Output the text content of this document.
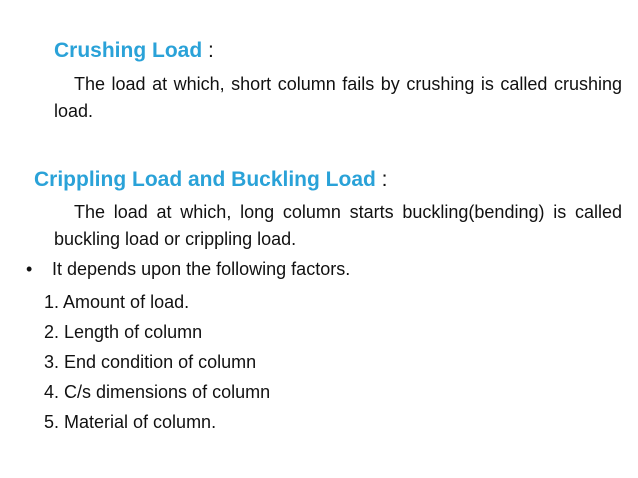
Crushing Load :
The load at which, short column fails by crushing is called crushing load.
Crippling Load and Buckling Load :
The load at which, long column starts buckling(bending) is called buckling load or crippling load.
• It depends upon the following factors.
1. Amount of load.
2. Length of column
3. End condition of column
4. C/s dimensions of column
5. Material of column.
